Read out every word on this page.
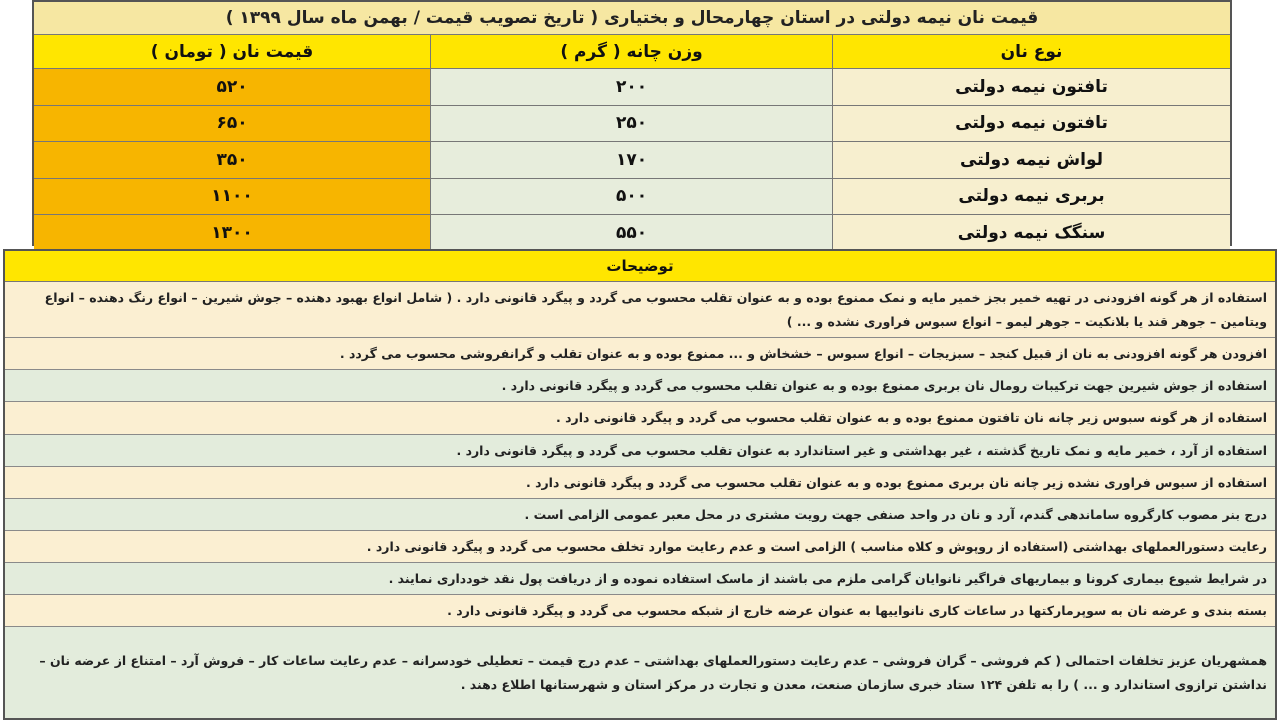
قیمت نان نیمه دولتی در استان چهارمحال و بختیاری ( تاریخ تصویب قیمت / بهمن ماه سال ۱۳۹۹ )
نوع نان
وزن چانه ( گرم )
قیمت نان ( تومان )
تافتون نیمه دولتی
۲۰۰
۵۲۰
تافتون نیمه دولتی
۲۵۰
۶۵۰
لواش نیمه دولتی
۱۷۰
۳۵۰
بربری نیمه دولتی
۵۰۰
۱۱۰۰
سنگک نیمه دولتی
۵۵۰
۱۳۰۰
توضیحات
استفاده از هر گونه افزودنی در تهیه خمیر بجز خمیر مایه و نمک ممنوع بوده و به عنوان تقلب محسوب می گردد و پیگرد قانونی دارد . ( شامل انواع بهبود دهنده – جوش شیرین – انواع رنگ دهنده – انواع ویتامین – جوهر قند یا بلانکیت – جوهر لیمو – انواع سبوس فراوری نشده و ... )
افزودن هر گونه افزودنی به نان از قبیل کنجد – سبزیجات – انواع سبوس – خشخاش و ... ممنوع بوده و به عنوان تقلب و گرانفروشی محسوب می گردد .
استفاده از جوش شیرین جهت ترکیبات رومال نان بربری ممنوع بوده و به عنوان تقلب محسوب می گردد و پیگرد قانونی دارد .
استفاده از هر گونه سبوس زیر چانه نان تافتون ممنوع بوده و به عنوان تقلب محسوب می گردد و پیگرد قانونی دارد .
استفاده از آرد ، خمیر مایه و نمک تاریخ گذشته ، غیر بهداشتی و غیر استاندارد به عنوان تقلب محسوب می گردد و پیگرد قانونی دارد .
استفاده از سبوس فراوری نشده زیر چانه نان بربری ممنوع بوده و به عنوان تقلب محسوب می گردد و پیگرد قانونی دارد .
درج بنر مصوب کارگروه ساماندهی گندم، آرد و نان در واحد صنفی جهت رویت مشتری در محل معبر عمومی الزامی است .
رعایت دستورالعملهای بهداشتی (استفاده از روپوش و کلاه مناسب ) الزامی است و عدم رعایت موارد تخلف محسوب می گردد و پیگرد قانونی دارد .
در شرایط شیوع بیماری کرونا و بیماریهای فراگیر نانوایان گرامی ملزم می باشند از ماسک استفاده نموده و از دریافت پول نقد خودداری نمایند .
بسته بندی و عرضه نان به سوپرمارکتها در ساعات کاری نانواییها به عنوان عرضه خارج از شبکه محسوب می گردد و پیگرد قانونی دارد .
همشهریان عزیز تخلفات احتمالی ( کم فروشی – گران فروشی – عدم رعایت دستورالعملهای بهداشتی – عدم درج قیمت – تعطیلی خودسرانه – عدم رعایت ساعات کار – فروش آرد – امتناع از عرضه نان – نداشتن ترازوی استاندارد و ... ) را به تلفن ۱۲۴ ستاد خبری سازمان صنعت، معدن و تجارت در مرکز استان و شهرستانها اطلاع دهند .
